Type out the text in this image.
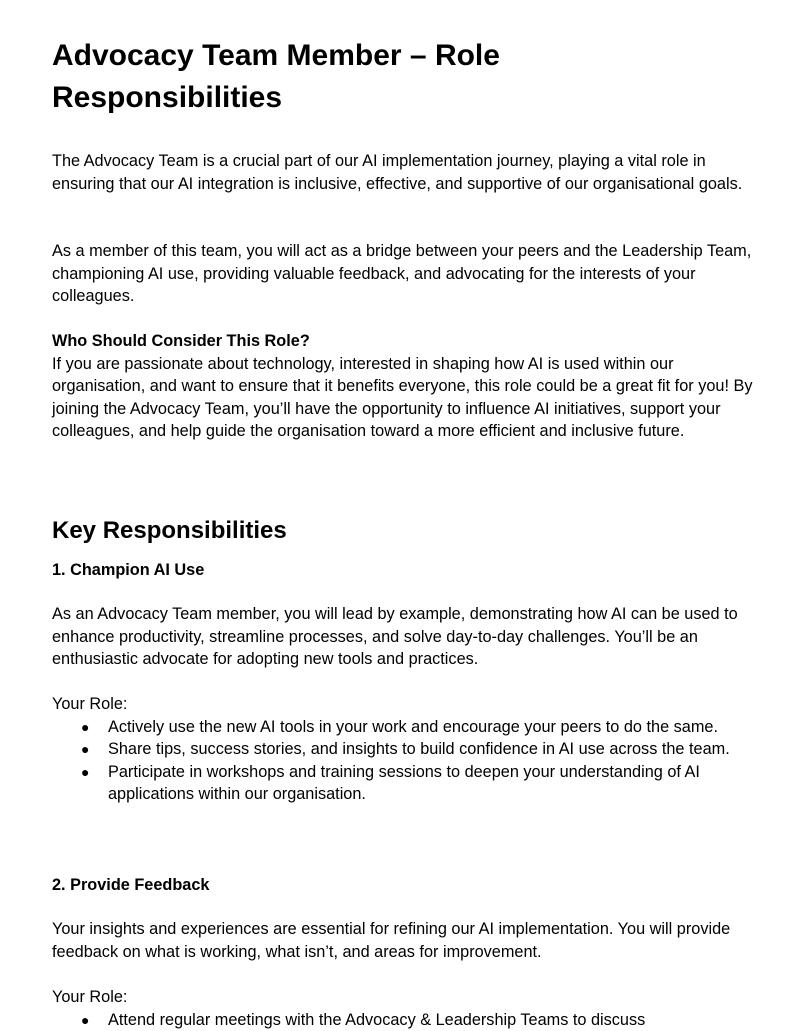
Advocacy Team Member – Role Responsibilities

The Advocacy Team is a crucial part of our AI implementation journey, playing a vital role in ensuring that our AI integration is inclusive, effective, and supportive of our organisational goals.

As a member of this team, you will act as a bridge between your peers and the Leadership Team, championing AI use, providing valuable feedback, and advocating for the interests of your colleagues.

Who Should Consider This Role?

If you are passionate about technology, interested in shaping how AI is used within our organisation, and want to ensure that it benefits everyone, this role could be a great fit for you! By joining the Advocacy Team, you’ll have the opportunity to influence AI initiatives, support your colleagues, and help guide the organisation toward a more efficient and inclusive future.

Key Responsibilities

1. Champion AI Use

As an Advocacy Team member, you will lead by example, demonstrating how AI can be used to enhance productivity, streamline processes, and solve day-to-day challenges. You’ll be an enthusiastic advocate for adopting new tools and practices.

Your Role:

● Actively use the new AI tools in your work and encourage your peers to do the same.
● Share tips, success stories, and insights to build confidence in AI use across the team.
● Participate in workshops and training sessions to deepen your understanding of AI applications within our organisation.

2. Provide Feedback

Your insights and experiences are essential for refining our AI implementation. You will provide feedback on what is working, what isn’t, and areas for improvement.

Your Role:

● Attend regular meetings with the Advocacy & Leadership Teams to discuss
